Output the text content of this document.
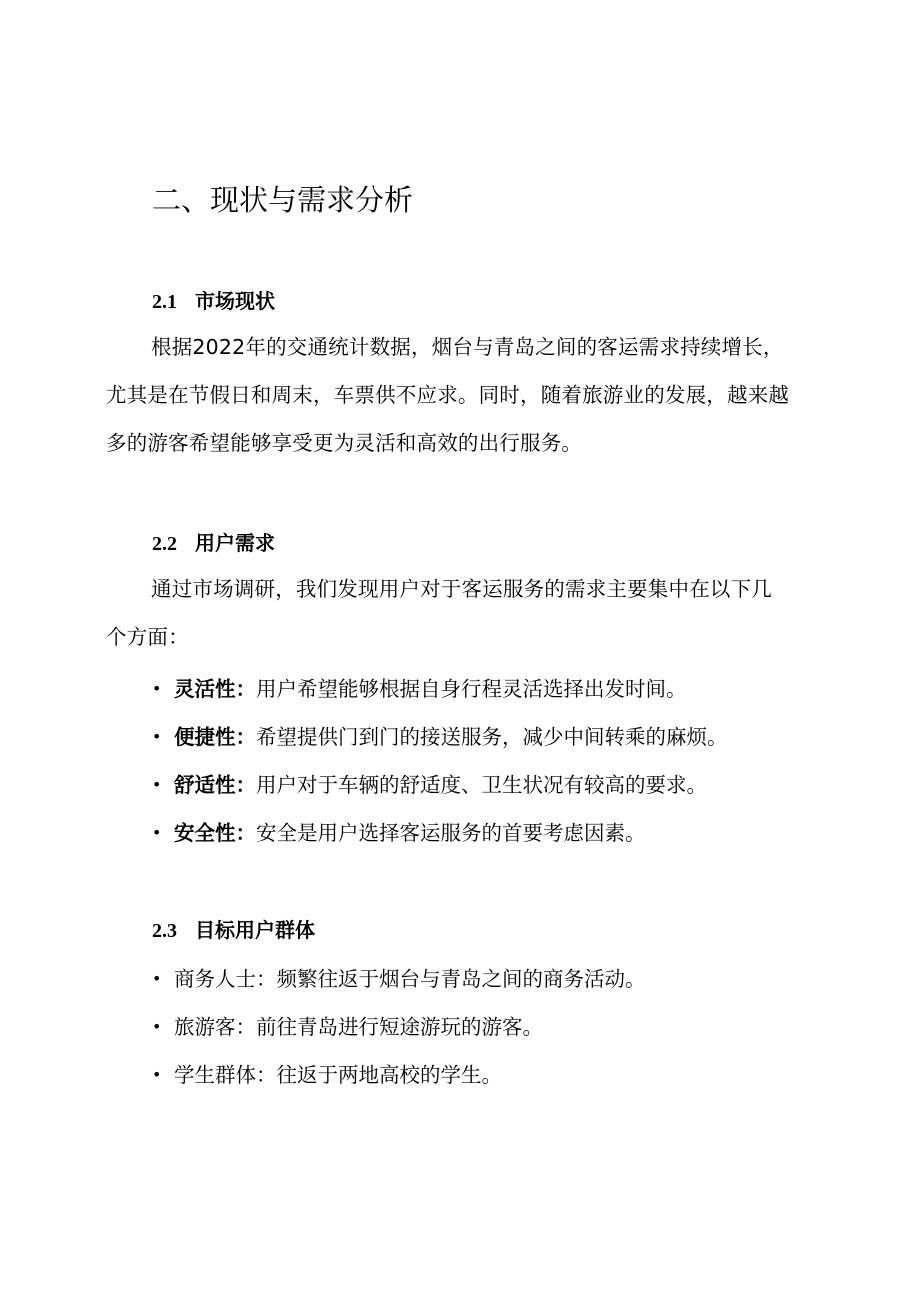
二、现状与需求分析
2.1 市场现状

根据2022年的交通统计数据，烟台与青岛之间的客运需求持续增长，
尤其是在节假日和周末，车票供不应求。同时，随着旅游业的发展，越来越
多的游客希望能够享受更为灵活和高效的出行服务。

2.2 用户需求

通过市场调研，我们发现用户对于客运服务的需求主要集中在以下几
个方面：

• 灵活性：用户希望能够根据自身行程灵活选择出发时间。
• 便捷性：希望提供门到门的接送服务，减少中间转乘的麻烦。
• 舒适性：用户对于车辆的舒适度、卫生状况有较高的要求。
• 安全性：安全是用户选择客运服务的首要考虑因素。
2.3 目标用户群体
• 商务人士：频繁往返于烟台与青岛之间的商务活动。
• 旅游客：前往青岛进行短途游玩的游客。
• 学生群体：往返于两地高校的学生。
